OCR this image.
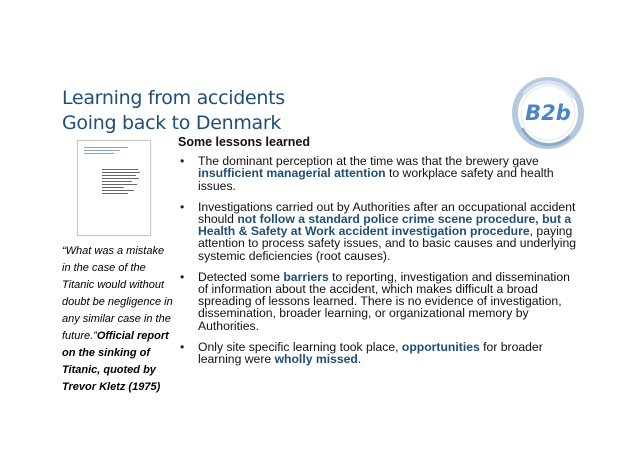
Learning from accidents
Going back to Denmark	B2b
“What was a mistake in the case of the Titanic would without doubt be negligence in any similar case in the future.”Official report on the sinking of Titanic, quoted by Trevor Kletz (1975)
Some lessons learned
• The dominant perception at the time was that the brewery gave insufficient managerial attention to workplace safety and health issues.
• Investigations carried out by Authorities after an occupational accident should not follow a standard police crime scene procedure, but a Health & Safety at Work accident investigation procedure, paying attention to process safety issues, and to basic causes and underlying systemic deficiencies (root causes).
• Detected some barriers to reporting, investigation and dissemination of information about the accident, which makes difficult a broad spreading of lessons learned. There is no evidence of investigation, dissemination, broader learning, or organizational memory by Authorities.
• Only site specific learning took place, opportunities for broader learning were wholly missed.
